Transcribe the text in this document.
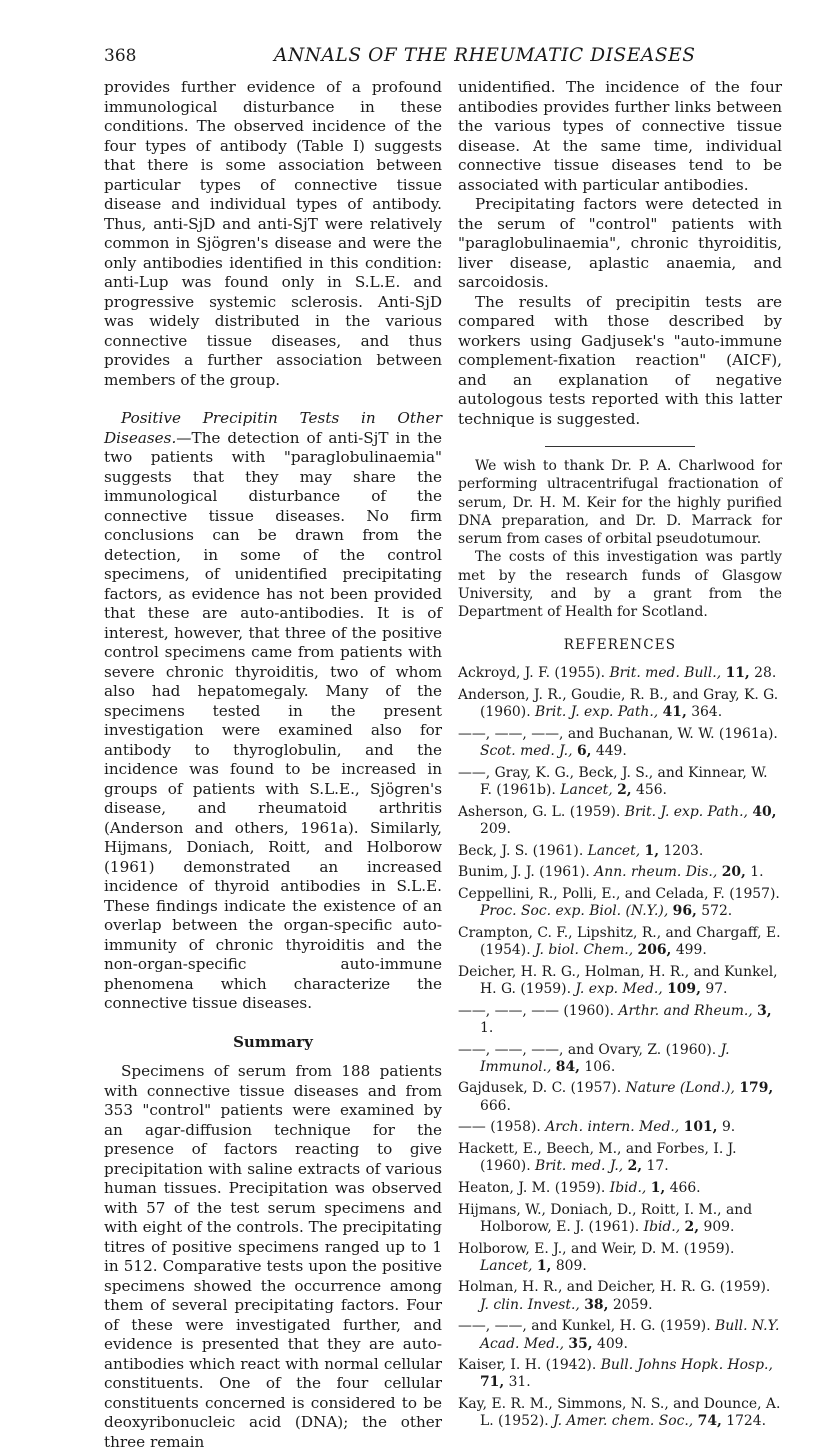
368	ANNALS OF THE RHEUMATIC DISEASES

provides further evidence of a profound immunological disturbance in these conditions. The observed incidence of the four types of antibody (Table I) suggests that there is some association between particular types of connective tissue disease and individual types of antibody. Thus, anti-SjD and anti-SjT were relatively common in Sjögren's disease and were the only antibodies identified in this condition: anti-Lup was found only in S.L.E. and progressive systemic sclerosis. Anti-SjD was widely distributed in the various connective tissue diseases, and thus provides a further association between members of the group.

Positive Precipitin Tests in Other Diseases.—The detection of anti-SjT in the two patients with "paraglobulinaemia" suggests that they may share the immunological disturbance of the connective tissue diseases. No firm conclusions can be drawn from the detection, in some of the control specimens, of unidentified precipitating factors, as evidence has not been provided that these are auto-antibodies. It is of interest, however, that three of the positive control specimens came from patients with severe chronic thyroiditis, two of whom also had hepatomegaly. Many of the specimens tested in the present investigation were examined also for antibody to thyroglobulin, and the incidence was found to be increased in groups of patients with S.L.E., Sjögren's disease, and rheumatoid arthritis (Anderson and others, 1961a). Similarly, Hijmans, Doniach, Roitt, and Holborow (1961) demonstrated an increased incidence of thyroid antibodies in S.L.E. These findings indicate the existence of an overlap between the organ-specific auto-immunity of chronic thyroiditis and the non-organ-specific auto-immune phenomena which characterize the connective tissue diseases.

Summary

Specimens of serum from 188 patients with connective tissue diseases and from 353 "control" patients were examined by an agar-diffusion technique for the presence of factors reacting to give precipitation with saline extracts of various human tissues. Precipitation was observed with 57 of the test serum specimens and with eight of the controls. The precipitating titres of positive specimens ranged up to 1 in 512. Comparative tests upon the positive specimens showed the occurrence among them of several precipitating factors. Four of these were investigated further, and evidence is presented that they are auto-antibodies which react with normal cellular constituents. One of the four cellular constituents concerned is considered to be deoxyribonucleic acid (DNA); the other three remain

unidentified. The incidence of the four antibodies provides further links between the various types of connective tissue disease. At the same time, individual connective tissue diseases tend to be associated with particular antibodies.

Precipitating factors were detected in the serum of "control" patients with "paraglobulinaemia", chronic thyroiditis, liver disease, aplastic anaemia, and sarcoidosis.

The results of precipitin tests are compared with those described by workers using Gadjusek's "auto-immune complement-fixation reaction" (AICF), and an explanation of negative autologous tests reported with this latter technique is suggested.

We wish to thank Dr. P. A. Charlwood for performing ultracentrifugal fractionation of serum, Dr. H. M. Keir for the highly purified DNA preparation, and Dr. D. Marrack for serum from cases of orbital pseudotumour.

The costs of this investigation was partly met by the research funds of Glasgow University, and by a grant from the Department of Health for Scotland.

REFERENCES
Ackroyd, J. F. (1955). Brit. med. Bull., 11, 28.
Anderson, J. R., Goudie, R. B., and Gray, K. G. (1960). Brit. J. exp. Path., 41, 364.
——, ——, ——, and Buchanan, W. W. (1961a). Scot. med. J., 6, 449.
——, Gray, K. G., Beck, J. S., and Kinnear, W. F. (1961b). Lancet, 2, 456.
Asherson, G. L. (1959). Brit. J. exp. Path., 40, 209.
Beck, J. S. (1961). Lancet, 1, 1203.
Bunim, J. J. (1961). Ann. rheum. Dis., 20, 1.
Ceppellini, R., Polli, E., and Celada, F. (1957). Proc. Soc. exp. Biol. (N.Y.), 96, 572.
Crampton, C. F., Lipshitz, R., and Chargaff, E. (1954). J. biol. Chem., 206, 499.
Deicher, H. R. G., Holman, H. R., and Kunkel, H. G. (1959). J. exp. Med., 109, 97.
——, ——, —— (1960). Arthr. and Rheum., 3, 1.
——, ——, ——, and Ovary, Z. (1960). J. Immunol., 84, 106.
Gajdusek, D. C. (1957). Nature (Lond.), 179, 666.
—— (1958). Arch. intern. Med., 101, 9.
Hackett, E., Beech, M., and Forbes, I. J. (1960). Brit. med. J., 2, 17.
Heaton, J. M. (1959). Ibid., 1, 466.
Hijmans, W., Doniach, D., Roitt, I. M., and Holborow, E. J. (1961). Ibid., 2, 909.
Holborow, E. J., and Weir, D. M. (1959). Lancet, 1, 809.
Holman, H. R., and Deicher, H. R. G. (1959). J. clin. Invest., 38, 2059.
——, ——, and Kunkel, H. G. (1959). Bull. N.Y. Acad. Med., 35, 409.
Kaiser, I. H. (1942). Bull. Johns Hopk. Hosp., 71, 31.
Kay, E. R. M., Simmons, N. S., and Dounce, A. L. (1952). J. Amer. chem. Soc., 74, 1724.
